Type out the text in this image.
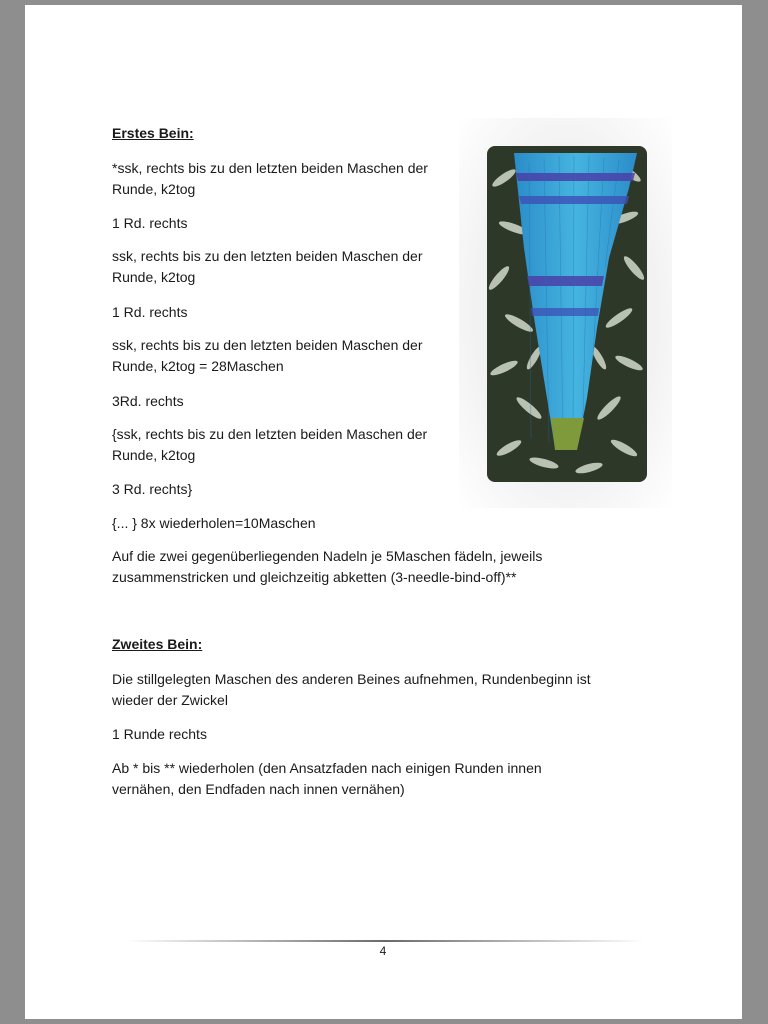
Erstes Bein:
*ssk, rechts bis zu den letzten beiden Maschen der
Runde, k2tog
1 Rd. rechts
ssk, rechts bis zu den letzten beiden Maschen der
Runde, k2tog
1 Rd. rechts
ssk, rechts bis zu den letzten beiden Maschen der
Runde, k2tog = 28Maschen
3Rd. rechts
{ssk, rechts bis zu den letzten beiden Maschen der
Runde, k2tog
3 Rd. rechts}
{... } 8x wiederholen=10Maschen
Auf die zwei gegenüberliegenden Nadeln je 5Maschen fädeln, jeweils
zusammenstricken und gleichzeitig abketten (3-needle-bind-off)**
Zweites Bein:
Die stillgelegten Maschen des anderen Beines aufnehmen, Rundenbeginn ist
wieder der Zwickel
1 Runde rechts
Ab * bis ** wiederholen (den Ansatzfaden nach einigen Runden innen
vernähen, den Endfaden nach innen vernähen)
4
